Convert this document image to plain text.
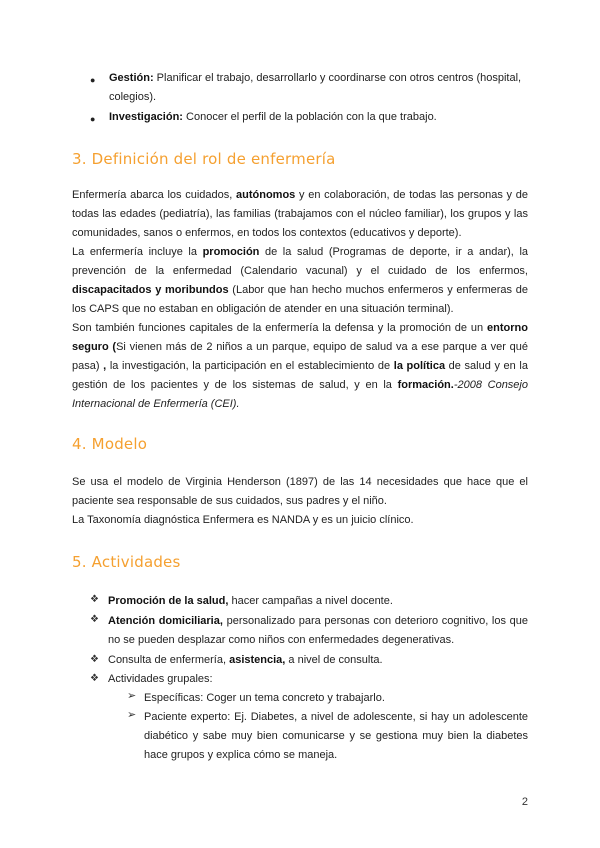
● Gestión: Planificar el trabajo, desarrollarlo y coordinarse con otros centros (hospital,
colegios).
● Investigación: Conocer el perfil de la población con la que trabajo.
3. Definición del rol de enfermería
Enfermería abarca los cuidados, autónomos y en colaboración, de todas las personas y de
todas las edades (pediatría), las familias (trabajamos con el núcleo familiar), los grupos y las
comunidades, sanos o enfermos, en todos los contextos (educativos y deporte).
La enfermería incluye la promoción de la salud (Programas de deporte, ir a andar), la
prevención de la enfermedad (Calendario vacunal) y el cuidado de los enfermos,
discapacitados y moribundos (Labor que han hecho muchos enfermeros y enfermeras de
los CAPS que no estaban en obligación de atender en una situación terminal).
Son también funciones capitales de la enfermería la defensa y la promoción de un entorno
seguro (Si vienen más de 2 niños a un parque, equipo de salud va a ese parque a ver qué
pasa) , la investigación, la participación en el establecimiento de la política de salud y en la
gestión de los pacientes y de los sistemas de salud, y en la formación.-2008 Consejo
Internacional de Enfermería (CEI).
4. Modelo
Se usa el modelo de Virginia Henderson (1897) de las 14 necesidades que hace que el
paciente sea responsable de sus cuidados, sus padres y el niño.
La Taxonomía diagnóstica Enfermera es NANDA y es un juicio clínico.
5. Actividades
❖ Promoción de la salud, hacer campañas a nivel docente.
❖ Atención domiciliaria, personalizado para personas con deterioro cognitivo, los que
no se pueden desplazar como niños con enfermedades degenerativas.
❖ Consulta de enfermería, asistencia, a nivel de consulta.
❖ Actividades grupales:
➢ Específicas: Coger un tema concreto y trabajarlo.
➢ Paciente experto: Ej. Diabetes, a nivel de adolescente, si hay un adolescente
diabético y sabe muy bien comunicarse y se gestiona muy bien la diabetes
hace grupos y explica cómo se maneja.
2
